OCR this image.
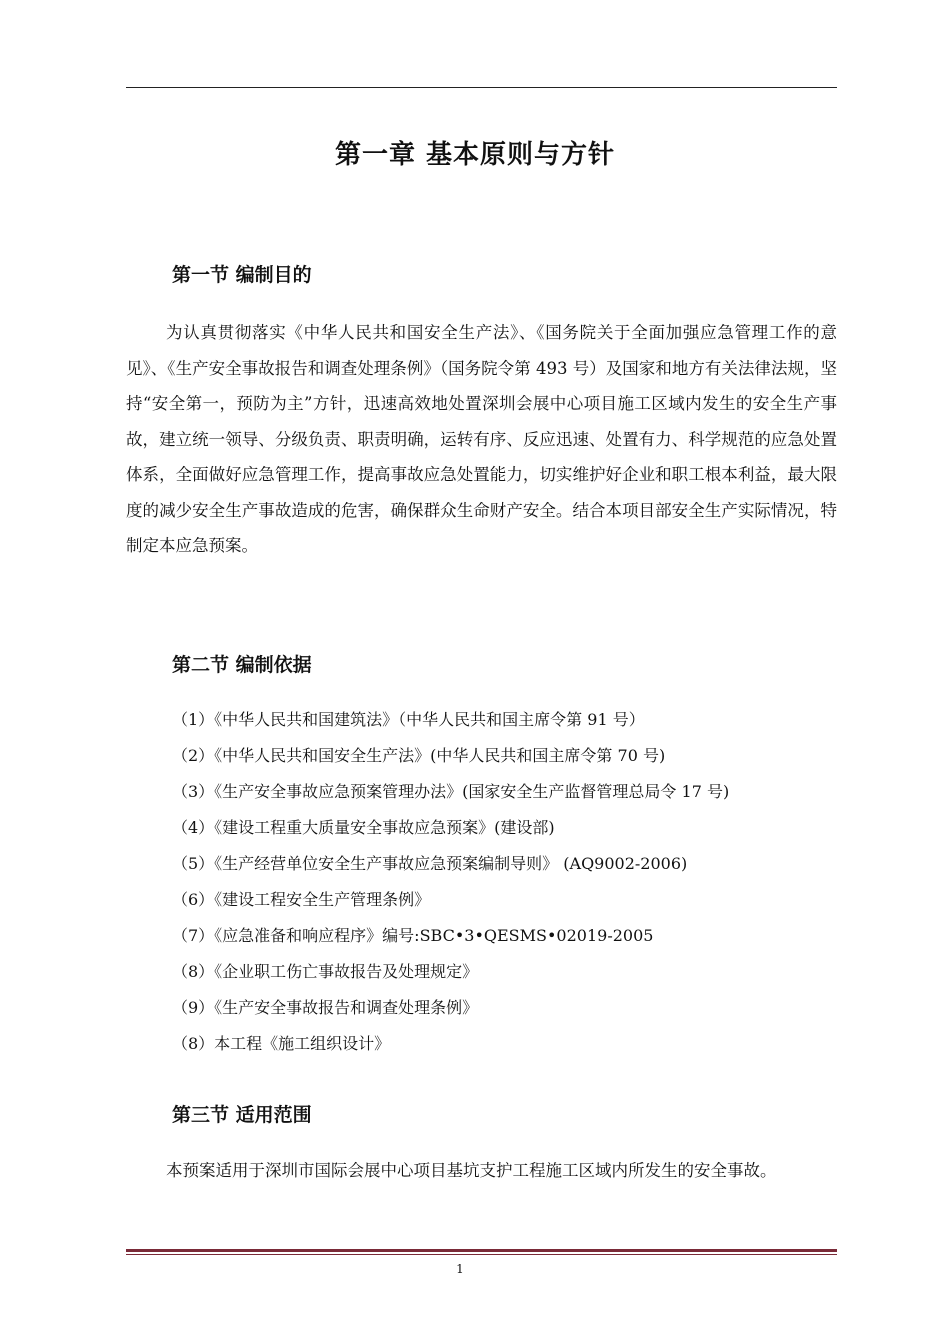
第一章 基本原则与方针
第一节 编制目的

为认真贯彻落实《中华人民共和国安全生产法》、《国务院关于全面加强应急管理工作的意见》、《生产安全事故报告和调查处理条例》（国务院令第 493 号）及国家和地方有关法律法规，坚持“安全第一，预防为主”方针，迅速高效地处置深圳会展中心项目施工区域内发生的安全生产事故，建立统一领导、分级负责、职责明确，运转有序、反应迅速、处置有力、科学规范的应急处置体系，全面做好应急管理工作，提高事故应急处置能力，切实维护好企业和职工根本利益，最大限度的减少安全生产事故造成的危害，确保群众生命财产安全。结合本项目部安全生产实际情况，特制定本应急预案。

第二节 编制依据
（1）《中华人民共和国建筑法》（中华人民共和国主席令第 91 号）
（2）《中华人民共和国安全生产法》(中华人民共和国主席令第 70 号)
（3）《生产安全事故应急预案管理办法》(国家安全生产监督管理总局令 17 号)
（4）《建设工程重大质量安全事故应急预案》(建设部)
（5）《生产经营单位安全生产事故应急预案编制导则》 (AQ9002-2006)
（6）《建设工程安全生产管理条例》
（7）《应急准备和响应程序》编号:SBC•3•QESMS•02019-2005
（8）《企业职工伤亡事故报告及处理规定》
（9）《生产安全事故报告和调查处理条例》
（8）本工程《施工组织设计》
第三节 适用范围

本预案适用于深圳市国际会展中心项目基坑支护工程施工区域内所发生的安全事故。

1
